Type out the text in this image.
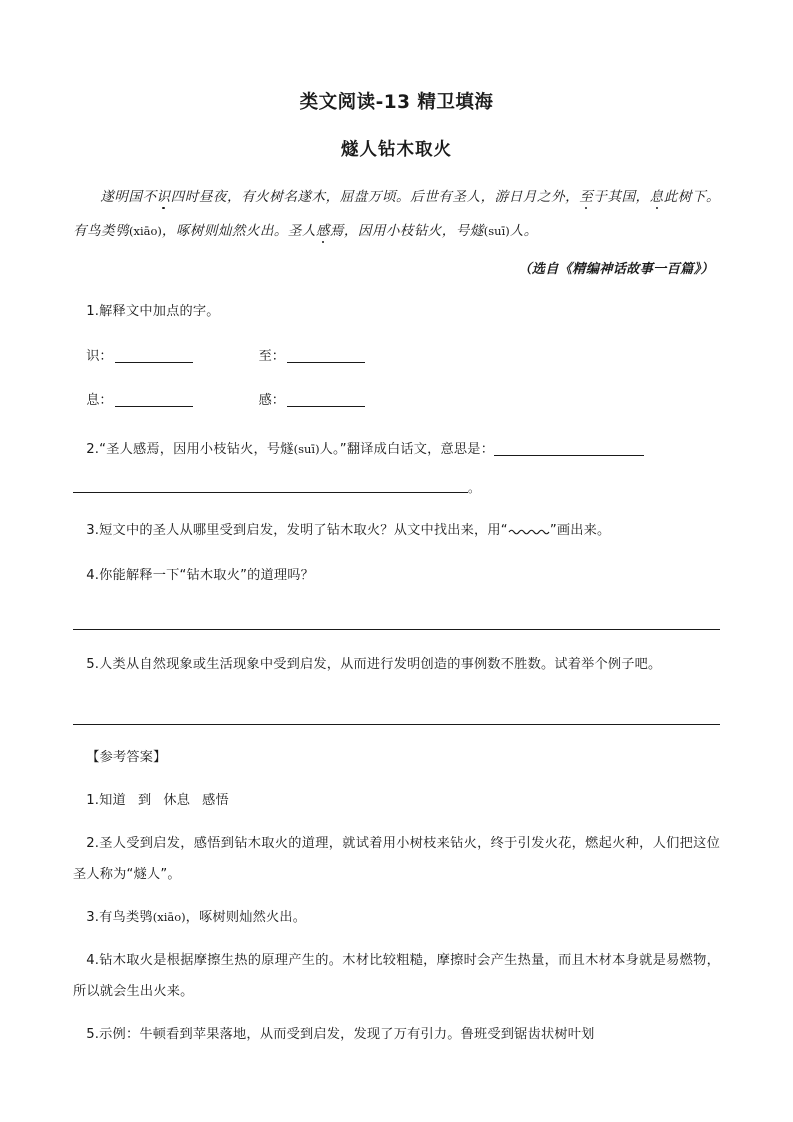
类文阅读-13 精卫填海
燧人钻木取火

遂明国不识四时昼夜，有火树名遂木，屈盘万顷。后世有圣人，游日月之外，至于其国，息此树下。有鸟类鸮(xiāo)，啄树则灿然火出。圣人感焉，因用小枝钻火，号燧(suī)人。

（选自《精编神话故事一百篇》）

1.解释文中加点的字。

识：	至：

息：	感：

2.“圣人感焉，因用小枝钻火，号燧(suī)人。”翻译成白话文，意思是：

。

3.短文中的圣人从哪里受到启发，发明了钻木取火？从文中找出来，用“	”画出来。

4.你能解释一下“钻木取火”的道理吗？

5.人类从自然现象或生活现象中受到启发，从而进行发明创造的事例数不胜数。试着举个例子吧。

【参考答案】

1.知道 到 休息 感悟

2.圣人受到启发，感悟到钻木取火的道理，就试着用小树枝来钻火，终于引发火花，燃起火种，人们把这位圣人称为“燧人”。

3.有鸟类鸮(xiāo)，啄树则灿然火出。

4.钻木取火是根据摩擦生热的原理产生的。木材比较粗糙，摩擦时会产生热量，而且木材本身就是易燃物，所以就会生出火来。

5.示例：牛顿看到苹果落地，从而受到启发，发现了万有引力。鲁班受到锯齿状树叶划
